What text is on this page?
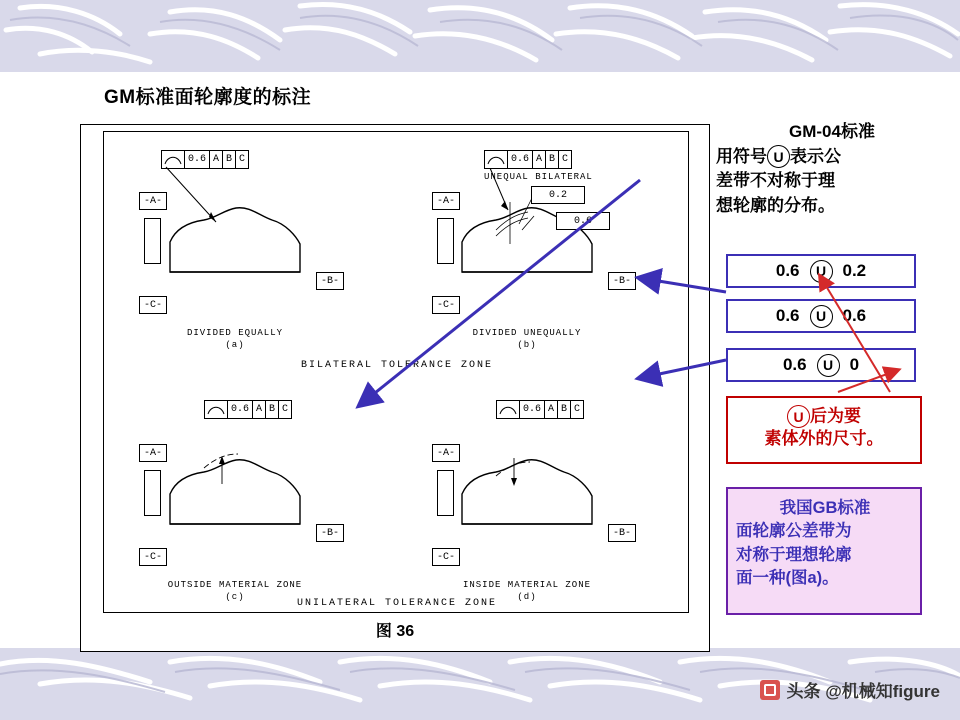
GM标准面轮廓度的标注
0.6 A B C
-A-
-B-
-C-
DIVIDED EQUALLY
(a)
0.6 A B C
UNEQUAL BILATERAL
0.2
0.6
-A-
-B-
-C-
DIVIDED UNEQUALLY
(b)
BILATERAL TOLERANCE ZONE
0.6 A B C
-A-
-B-
-C-
OUTSIDE MATERIAL ZONE
(c)
0.6 A B C
-A-
-B-
-C-
INSIDE MATERIAL ZONE
(d)
UNILATERAL TOLERANCE ZONE
图 36
GM-04标准
用符号 U 表示公
差带不对称于理
想轮廓的分布。
0.6	U 0.2
0.6	U 0.6
0.6	U 0
U 后为要
素体外的尺寸。
我国GB标准
面轮廓公差带为
对称于理想轮廓
面一种(图a)。
头条 @机械知figure
